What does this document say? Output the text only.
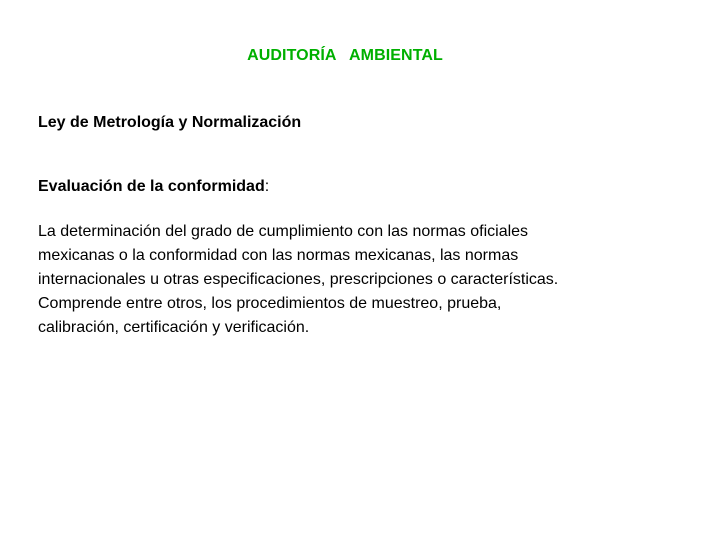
AUDITORÍA   AMBIENTAL
Ley de Metrología y Normalización
Evaluación de la conformidad:
La determinación del grado de cumplimiento con las normas oficiales
mexicanas o la conformidad con las normas mexicanas, las normas
internacionales u otras especificaciones, prescripciones o características.
Comprende entre otros, los procedimientos de muestreo, prueba,
calibración, certificación y verificación.
